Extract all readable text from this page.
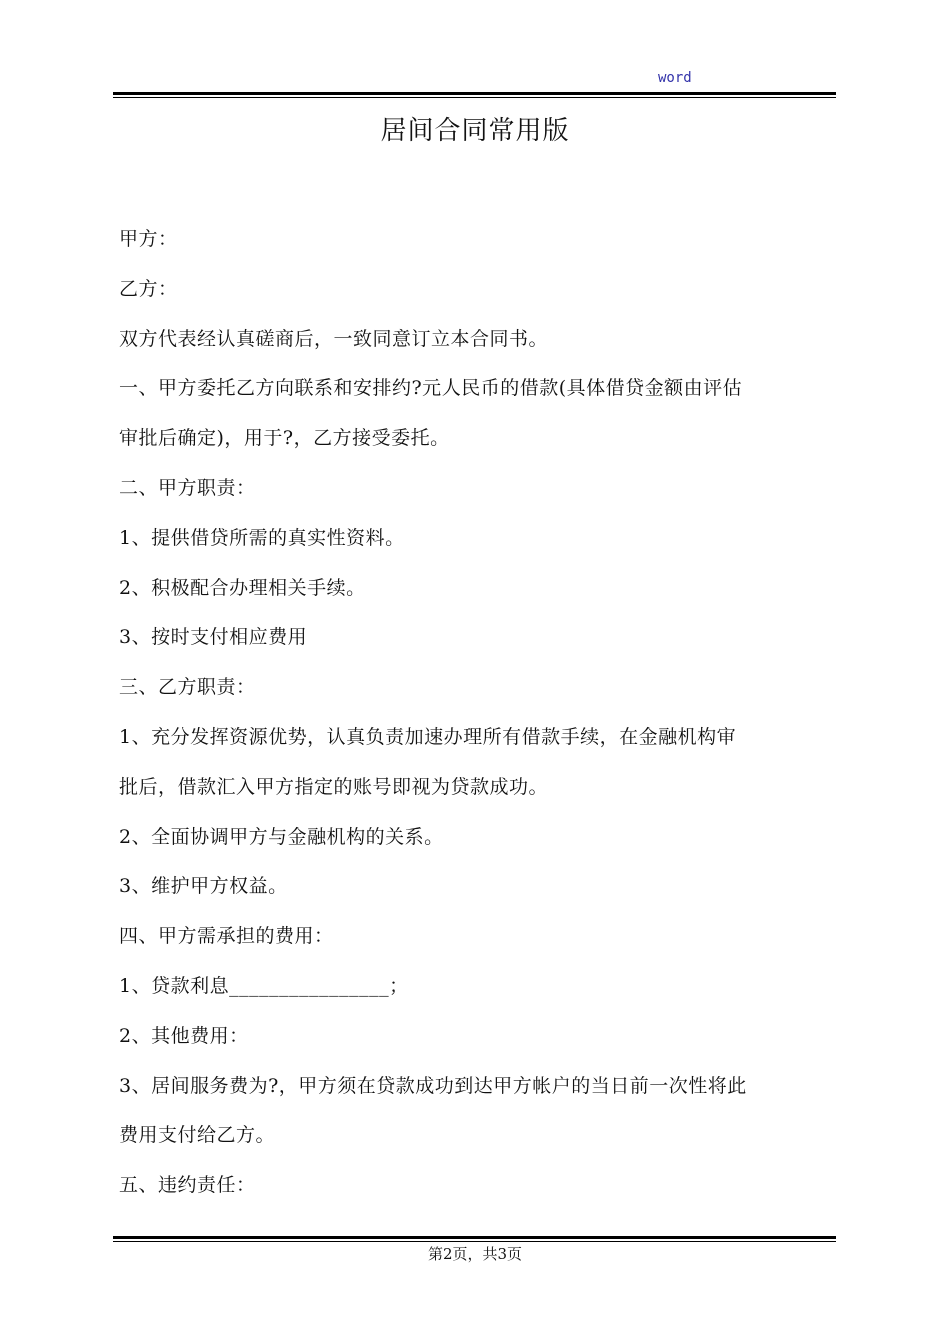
word
居间合同常用版
甲方：
乙方：
双方代表经认真磋商后，一致同意订立本合同书。
一、甲方委托乙方向联系和安排约?元人民币的借款(具体借贷金额由评估
审批后确定)，用于?，乙方接受委托。
二、甲方职责：
1、提供借贷所需的真实性资料。
2、积极配合办理相关手续。
3、按时支付相应费用
三、乙方职责：
1、充分发挥资源优势，认真负责加速办理所有借款手续，在金融机构审
批后，借款汇入甲方指定的账号即视为贷款成功。
2、全面协调甲方与金融机构的关系。
3、维护甲方权益。
四、甲方需承担的费用：
1、贷款利息________________；
2、其他费用：
3、居间服务费为?，甲方须在贷款成功到达甲方帐户的当日前一次性将此
费用支付给乙方。
五、违约责任：
第2页，共3页
